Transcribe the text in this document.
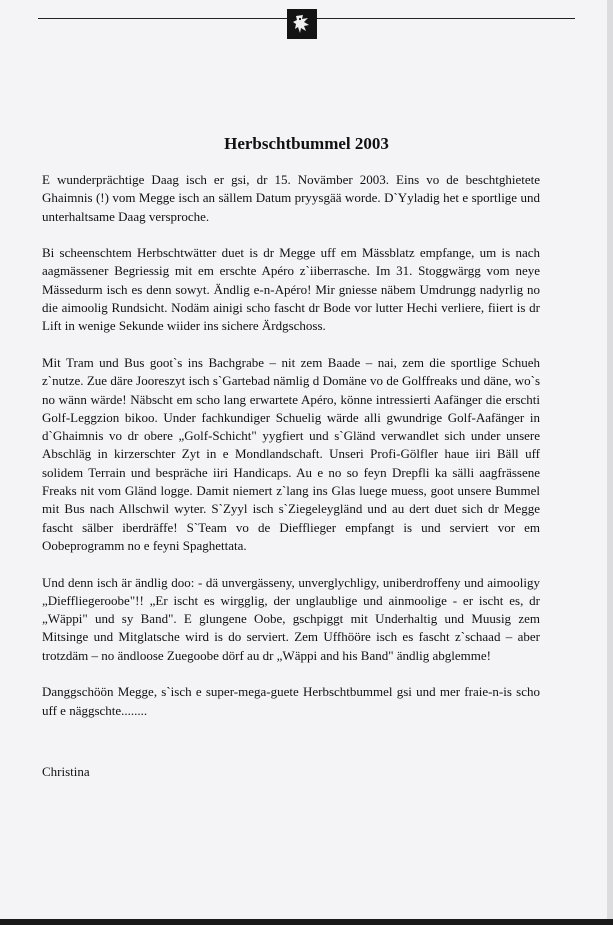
Herbschtbummel 2003

E wunderprächtige Daag isch er gsi, dr 15. Novämber 2003. Eins vo de beschtghietete Ghaimnis (!) vom Megge isch an sällem Datum pryysgää worde. D`Yyladig het e sportlige und unterhaltsame Daag versproche.

Bi scheenschtem Herbschtwätter duet is dr Megge uff em Mässblatz empfange, um is nach aagmässener Begriessig mit em erschte Apéro z`iiberrasche. Im 31. Stoggwärgg vom neye Mässedurm isch es denn sowyt. Ändlig e-n-Apéro! Mir gniesse näbem Umdrungg nadyrlig no die aimoolig Rundsicht. Nodäm ainigi scho fascht dr Bode vor lutter Hechi verliere, fiiert is dr Lift in wenige Sekunde wiider ins sichere Ärdgschoss.

Mit Tram und Bus goot`s ins Bachgrabe – nit zem Baade – nai, zem die sportlige Schueh z`nutze. Zue däre Jooreszyt isch s`Gartebad nämlig d Domäne vo de Golffreaks und däne, wo`s no wänn wärde! Näbscht em scho lang erwartete Apéro, könne intressierti Aafänger die erschti Golf-Leggzion bikoo. Under fachkundiger Schuelig wärde alli gwundrige Golf-Aafänger in d`Ghaimnis vo dr obere „Golf-Schicht" yygfiert und s`Gländ verwandlet sich under unsere Abschläg in kirzerschter Zyt in e Mondlandschaft. Unseri Profi-Gölfler haue iiri Bäll uff solidem Terrain und bespräche iiri Handicaps. Au e no so feyn Drepfli ka sälli aagfrässene Freaks nit vom Gländ logge. Damit niemert z`lang ins Glas luege muess, goot unsere Bummel mit Bus nach Allschwil wyter. S`Zyyl isch s`Ziegeleygländ und au dert duet sich dr Megge fascht sälber iberdräffe! S`Team vo de Diefflieger empfangt is und serviert vor em Oobeprogramm no e feyni Spaghettata.

Und denn isch är ändlig doo: - dä unvergässeny, unverglychligy, uniberdroffeny und aimooligy „Dieffliegeroobe"!! „Er ischt es wirgglig, der unglaublige und ainmoolige - er ischt es, dr „Wäppi" und sy Band". E glungene Oobe, gschpiggt mit Underhaltig und Muusig zem Mitsinge und Mitglatsche wird is do serviert. Zem Uffhööre isch es fascht z`schaad – aber trotzdäm – no ändloose Zuegoobe dörf au dr „Wäppi and his Band" ändlig abglemme!

Danggschöön Megge, s`isch e super-mega-guete Herbschtbummel gsi und mer fraie-n-is scho uff e näggschte........

Christina
